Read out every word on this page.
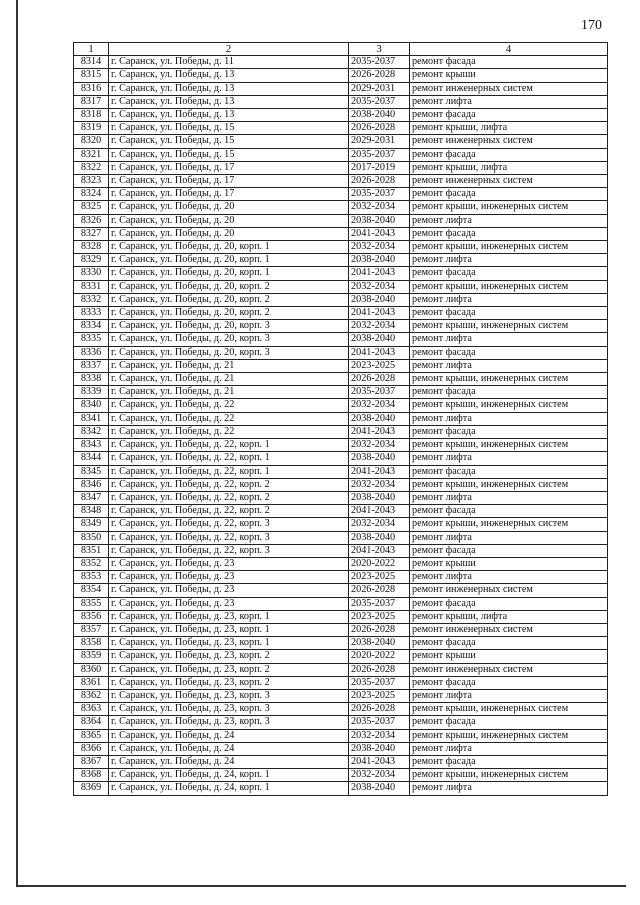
170
1	2	3	4
8314	г. Саранск, ул. Победы, д. 11	2035-2037	ремонт фасада
8315	г. Саранск, ул. Победы, д. 13	2026-2028	ремонт крыши
8316	г. Саранск, ул. Победы, д. 13	2029-2031	ремонт инженерных систем
8317	г. Саранск, ул. Победы, д. 13	2035-2037	ремонт лифта
8318	г. Саранск, ул. Победы, д. 13	2038-2040	ремонт фасада
8319	г. Саранск, ул. Победы, д. 15	2026-2028	ремонт крыши, лифта
8320	г. Саранск, ул. Победы, д. 15	2029-2031	ремонт инженерных систем
8321	г. Саранск, ул. Победы, д. 15	2035-2037	ремонт фасада
8322	г. Саранск, ул. Победы, д. 17	2017-2019	ремонт крыши, лифта
8323	г. Саранск, ул. Победы, д. 17	2026-2028	ремонт инженерных систем
8324	г. Саранск, ул. Победы, д. 17	2035-2037	ремонт фасада
8325	г. Саранск, ул. Победы, д. 20	2032-2034	ремонт крыши, инженерных систем
8326	г. Саранск, ул. Победы, д. 20	2038-2040	ремонт лифта
8327	г. Саранск, ул. Победы, д. 20	2041-2043	ремонт фасада
8328	г. Саранск, ул. Победы, д. 20, корп. 1	2032-2034	ремонт крыши, инженерных систем
8329	г. Саранск, ул. Победы, д. 20, корп. 1	2038-2040	ремонт лифта
8330	г. Саранск, ул. Победы, д. 20, корп. 1	2041-2043	ремонт фасада
8331	г. Саранск, ул. Победы, д. 20, корп. 2	2032-2034	ремонт крыши, инженерных систем
8332	г. Саранск, ул. Победы, д. 20, корп. 2	2038-2040	ремонт лифта
8333	г. Саранск, ул. Победы, д. 20, корп. 2	2041-2043	ремонт фасада
8334	г. Саранск, ул. Победы, д. 20, корп. 3	2032-2034	ремонт крыши, инженерных систем
8335	г. Саранск, ул. Победы, д. 20, корп. 3	2038-2040	ремонт лифта
8336	г. Саранск, ул. Победы, д. 20, корп. 3	2041-2043	ремонт фасада
8337	г. Саранск, ул. Победы, д. 21	2023-2025	ремонт лифта
8338	г. Саранск, ул. Победы, д. 21	2026-2028	ремонт крыши, инженерных систем
8339	г. Саранск, ул. Победы, д. 21	2035-2037	ремонт фасада
8340	г. Саранск, ул. Победы, д. 22	2032-2034	ремонт крыши, инженерных систем
8341	г. Саранск, ул. Победы, д. 22	2038-2040	ремонт лифта
8342	г. Саранск, ул. Победы, д. 22	2041-2043	ремонт фасада
8343	г. Саранск, ул. Победы, д. 22, корп. 1	2032-2034	ремонт крыши, инженерных систем
8344	г. Саранск, ул. Победы, д. 22, корп. 1	2038-2040	ремонт лифта
8345	г. Саранск, ул. Победы, д. 22, корп. 1	2041-2043	ремонт фасада
8346	г. Саранск, ул. Победы, д. 22, корп. 2	2032-2034	ремонт крыши, инженерных систем
8347	г. Саранск, ул. Победы, д. 22, корп. 2	2038-2040	ремонт лифта
8348	г. Саранск, ул. Победы, д. 22, корп. 2	2041-2043	ремонт фасада
8349	г. Саранск, ул. Победы, д. 22, корп. 3	2032-2034	ремонт крыши, инженерных систем
8350	г. Саранск, ул. Победы, д. 22, корп. 3	2038-2040	ремонт лифта
8351	г. Саранск, ул. Победы, д. 22, корп. 3	2041-2043	ремонт фасада
8352	г. Саранск, ул. Победы, д. 23	2020-2022	ремонт крыши
8353	г. Саранск, ул. Победы, д. 23	2023-2025	ремонт лифта
8354	г. Саранск, ул. Победы, д. 23	2026-2028	ремонт инженерных систем
8355	г. Саранск, ул. Победы, д. 23	2035-2037	ремонт фасада
8356	г. Саранск, ул. Победы, д. 23, корп. 1	2023-2025	ремонт крыши, лифта
8357	г. Саранск, ул. Победы, д. 23, корп. 1	2026-2028	ремонт инженерных систем
8358	г. Саранск, ул. Победы, д. 23, корп. 1	2038-2040	ремонт фасада
8359	г. Саранск, ул. Победы, д. 23, корп. 2	2020-2022	ремонт крыши
8360	г. Саранск, ул. Победы, д. 23, корп. 2	2026-2028	ремонт инженерных систем
8361	г. Саранск, ул. Победы, д. 23, корп. 2	2035-2037	ремонт фасада
8362	г. Саранск, ул. Победы, д. 23, корп. 3	2023-2025	ремонт лифта
8363	г. Саранск, ул. Победы, д. 23, корп. 3	2026-2028	ремонт крыши, инженерных систем
8364	г. Саранск, ул. Победы, д. 23, корп. 3	2035-2037	ремонт фасада
8365	г. Саранск, ул. Победы, д. 24	2032-2034	ремонт крыши, инженерных систем
8366	г. Саранск, ул. Победы, д. 24	2038-2040	ремонт лифта
8367	г. Саранск, ул. Победы, д. 24	2041-2043	ремонт фасада
8368	г. Саранск, ул. Победы, д. 24, корп. 1	2032-2034	ремонт крыши, инженерных систем
8369	г. Саранск, ул. Победы, д. 24, корп. 1	2038-2040	ремонт лифта
